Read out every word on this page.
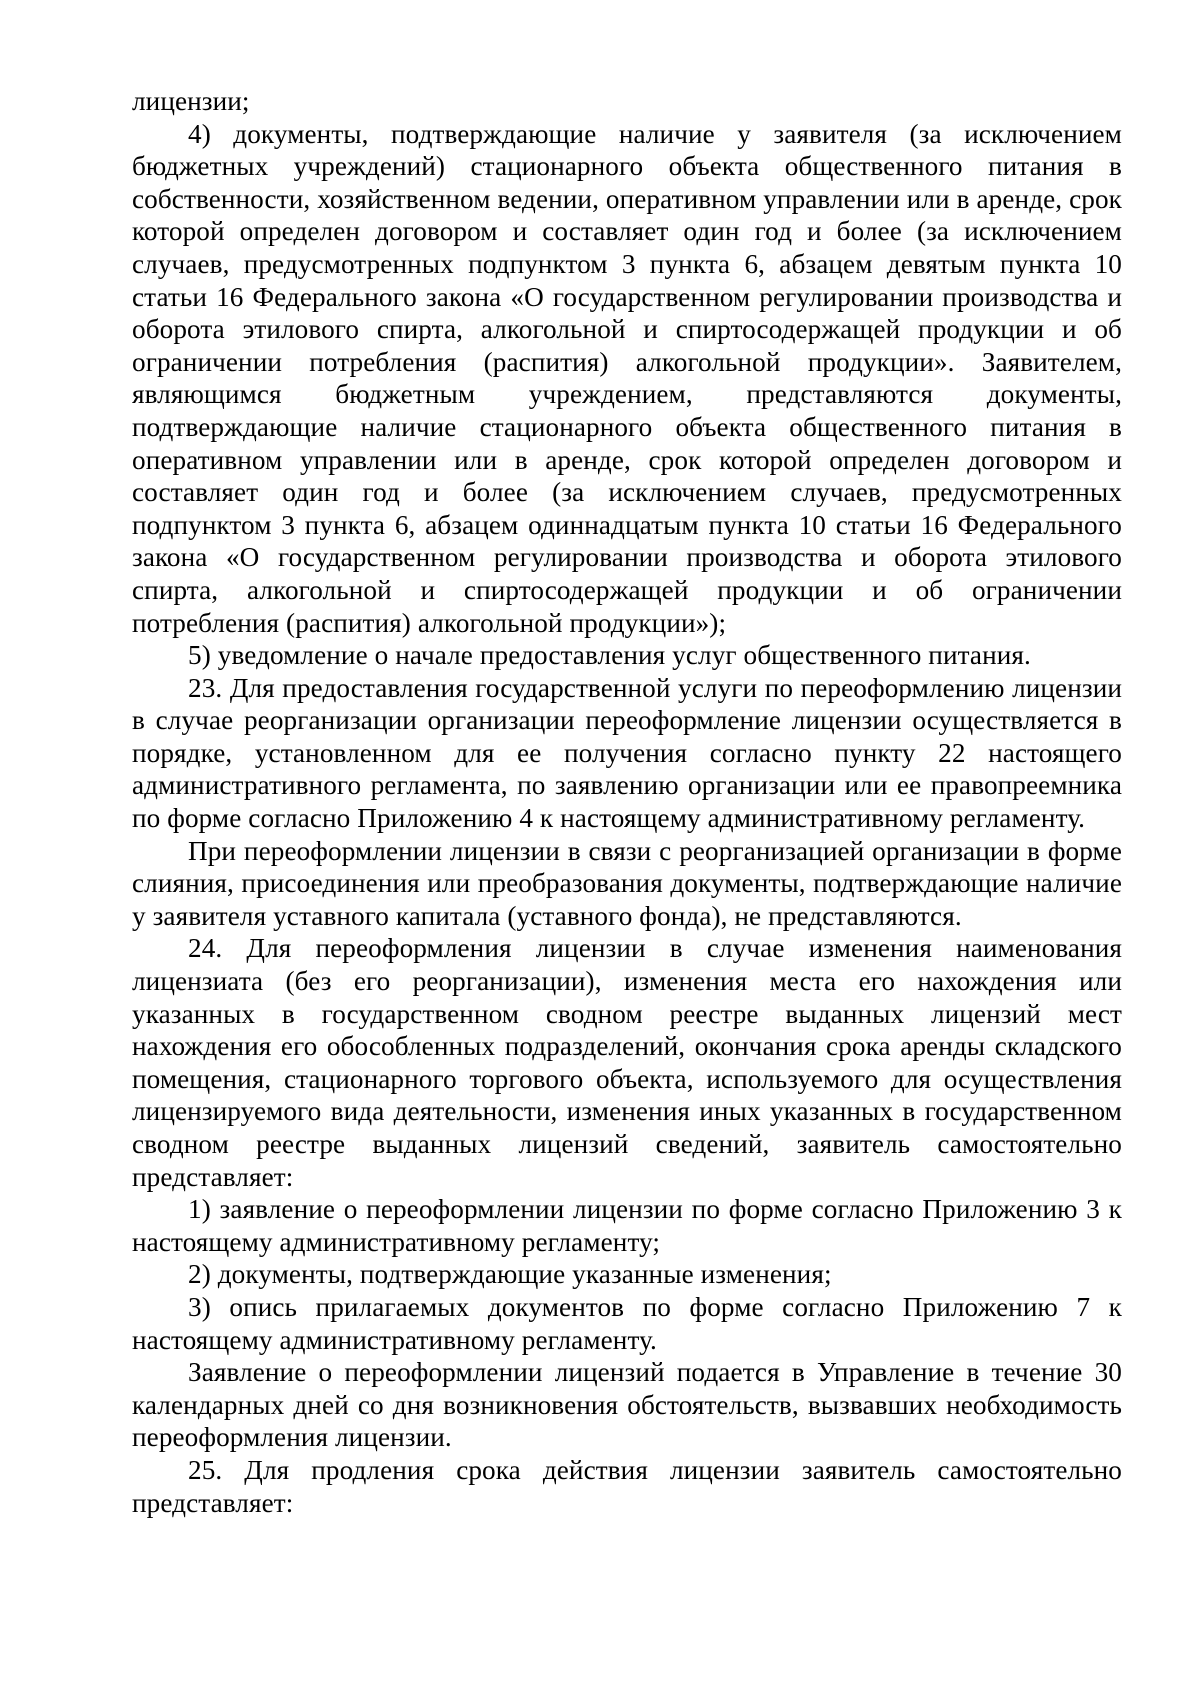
лицензии;

4) документы, подтверждающие наличие у заявителя (за исключением бюджетных учреждений) стационарного объекта общественного питания в собственности, хозяйственном ведении, оперативном управлении или в аренде, срок которой определен договором и составляет один год и более (за исключением случаев, предусмотренных подпунктом 3 пункта 6, абзацем девятым пункта 10 статьи 16 Федерального закона «О государственном регулировании производства и оборота этилового спирта, алкогольной и спиртосодержащей продукции и об ограничении потребления (распития) алкогольной продукции». Заявителем, являющимся бюджетным учреждением, представляются документы, подтверждающие наличие стационарного объекта общественного питания в оперативном управлении или в аренде, срок которой определен договором и составляет один год и более (за исключением случаев, предусмотренных подпунктом 3 пункта 6, абзацем одиннадцатым пункта 10 статьи 16 Федерального закона «О государственном регулировании производства и оборота этилового спирта, алкогольной и спиртосодержащей продукции и об ограничении потребления (распития) алкогольной продукции»);

5) уведомление о начале предоставления услуг общественного питания.

23. Для предоставления государственной услуги по переоформлению лицензии в случае реорганизации организации переоформление лицензии осуществляется в порядке, установленном для ее получения согласно пункту 22 настоящего административного регламента, по заявлению организации или ее правопреемника по форме согласно Приложению 4 к настоящему административному регламенту.

При переоформлении лицензии в связи с реорганизацией организации в форме слияния, присоединения или преобразования документы, подтверждающие наличие у заявителя уставного капитала (уставного фонда), не представляются.

24. Для переоформления лицензии в случае изменения наименования лицензиата (без его реорганизации), изменения места его нахождения или указанных в государственном сводном реестре выданных лицензий мест нахождения его обособленных подразделений, окончания срока аренды складского помещения, стационарного торгового объекта, используемого для осуществления лицензируемого вида деятельности, изменения иных указанных в государственном сводном реестре выданных лицензий сведений, заявитель самостоятельно представляет:

1) заявление о переоформлении лицензии по форме согласно Приложению 3 к настоящему административному регламенту;

2) документы, подтверждающие указанные изменения;

3) опись прилагаемых документов по форме согласно Приложению 7 к настоящему административному регламенту.

Заявление о переоформлении лицензий подается в Управление в течение 30 календарных дней со дня возникновения обстоятельств, вызвавших необходимость переоформления лицензии.

25. Для продления срока действия лицензии заявитель самостоятельно представляет:
